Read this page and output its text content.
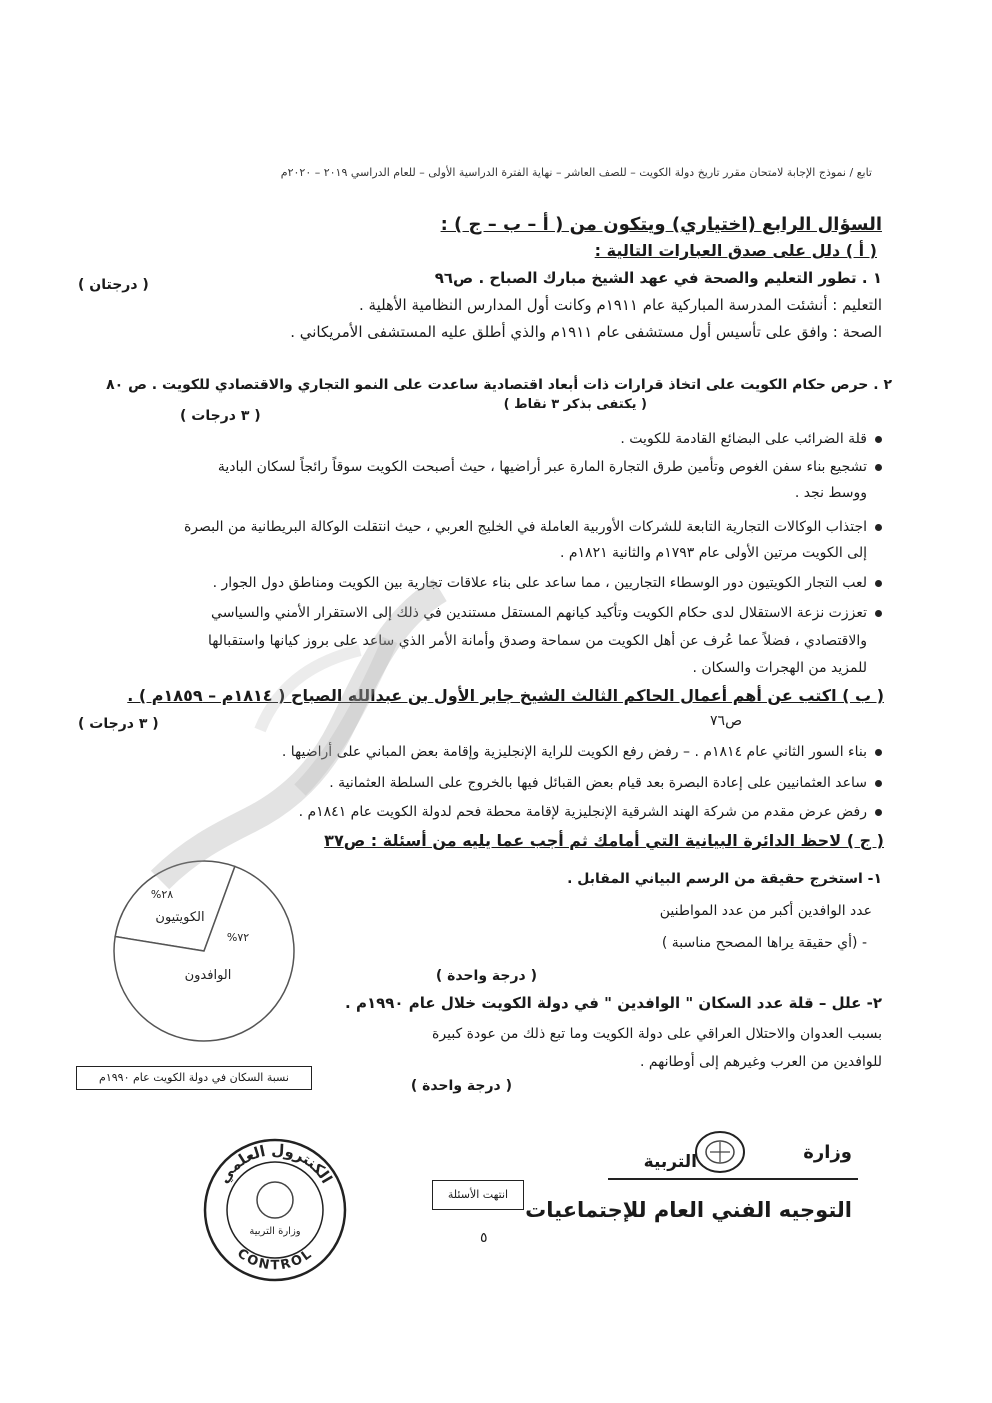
تابع / نموذج الإجابة لامتحان مقرر تاريخ دولة الكويت – للصف العاشر – نهاية الفترة الدراسية الأولى – للعام الدراسي ٢٠١٩ – ٢٠٢٠م
السؤال الرابع (اختياري) ويتكون من ( أ – ب – ج ) :
( أ ) دلل على صدق العبارات التالية :
١ . تطور التعليم والصحة في عهد الشيخ مبارك الصباح . ص٩٦
( درجتان )
التعليم : أنشئت المدرسة المباركية عام ١٩١١م وكانت أول المدارس النظامية الأهلية .
الصحة : وافق على تأسيس أول مستشفى عام ١٩١١م والذي أطلق عليه المستشفى الأمريكاني .
٢ . حرص حكام الكويت على اتخاذ قرارات ذات أبعاد اقتصادية ساعدت على النمو التجاري والاقتصادي للكويت . ص ٨٠
( يكتفى بذكر ٣ نقاط )
( ٣ درجات )
قلة الضرائب على البضائع القادمة للكويت .
تشجيع بناء سفن الغوص وتأمين طرق التجارة المارة عبر أراضيها ، حيث أصبحت الكويت سوقاً رائجاً لسكان البادية
ووسط نجد .
اجتذاب الوكالات التجارية التابعة للشركات الأوربية العاملة في الخليج العربي ، حيث انتقلت الوكالة البريطانية من البصرة
إلى الكويت مرتين الأولى عام ١٧٩٣م والثانية ١٨٢١م .
لعب التجار الكويتيون دور الوسطاء التجاريين ، مما ساعد على بناء علاقات تجارية بين الكويت ومناطق دول الجوار .
تعززت نزعة الاستقلال لدى حكام الكويت وتأكيد كيانهم المستقل مستندين في ذلك إلى الاستقرار الأمني والسياسي
والاقتصادي ، فضلاً عما عُرف عن أهل الكويت من سماحة وصدق وأمانة الأمر الذي ساعد على بروز كيانها واستقبالها
للمزيد من الهجرات والسكان .
( ب ) اكتب عن أهم أعمال الحاكم الثالث الشيخ جابر الأول بن عبدالله الصباح ( ١٨١٤م – ١٨٥٩م ) .
ص٧٦
( ٣ درجات )
بناء السور الثاني عام ١٨١٤م . – رفض رفع الكويت للراية الإنجليزية وإقامة بعض المباني على أراضيها .
ساعد العثمانيين على إعادة البصرة بعد قيام بعض القبائل فيها بالخروج على السلطة العثمانية .
رفض عرض مقدم من شركة الهند الشرقية الإنجليزية لإقامة محطة فحم لدولة الكويت عام ١٨٤١م .
( ج ) لاحظ الدائرة البيانية التي أمامك ثم أجب عما يليه من أسئلة : ص٣٧
١- استخرج حقيقة من الرسم البياني المقابل .
عدد الوافدين أكبر من عدد المواطنين
- (أي حقيقة يراها المصحح مناسبة )
( درجة واحدة )
٢- علل – قلة عدد السكان " الوافدين " في دولة الكويت خلال عام ١٩٩٠م .
بسبب العدوان والاحتلال العراقي على دولة الكويت وما تبع ذلك من عودة كبيرة
للوافدين من العرب وغيرهم إلى أوطانهم .
( درجة واحدة )
الكويتيون
%٢٨
الوافدون
%٧٢
نسبة السكان في دولة الكويت عام ١٩٩٠م
الكنترول العلمي
CONTROL
وزارة التربية
انتهت الأسئلة
٥
وزارة
التربية
التوجيه الفني العام للإجتماعيات
